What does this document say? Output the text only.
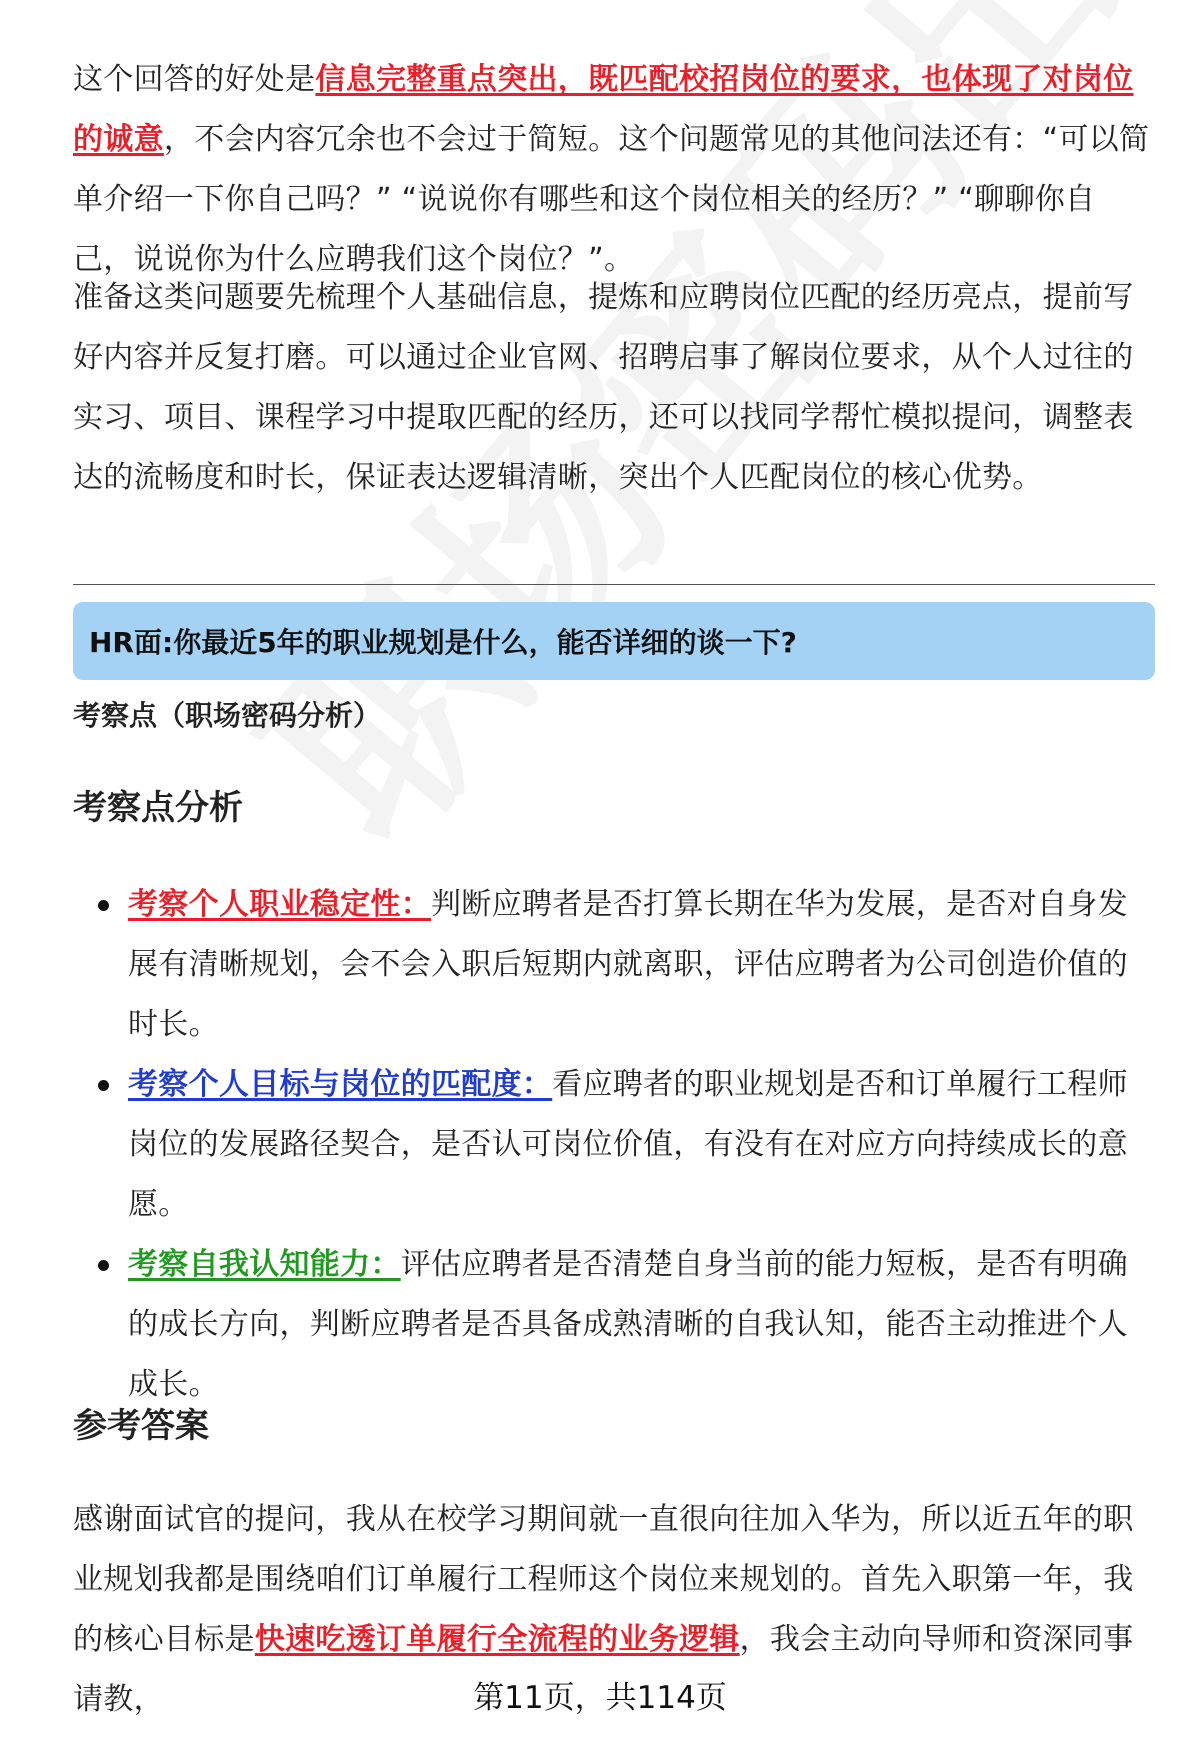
这个回答的好处是信息完整重点突出，既匹配校招岗位的要求，也体现了对岗位的诚意，不会内容冗余也不会过于简短。这个问题常见的其他问法还有：“可以简单介绍一下你自己吗？” “说说你有哪些和这个岗位相关的经历？” “聊聊你自己，说说你为什么应聘我们这个岗位？”。

准备这类问题要先梳理个人基础信息，提炼和应聘岗位匹配的经历亮点，提前写好内容并反复打磨。可以通过企业官网、招聘启事了解岗位要求，从个人过往的实习、项目、课程学习中提取匹配的经历，还可以找同学帮忙模拟提问，调整表达的流畅度和时长，保证表达逻辑清晰，突出个人匹配岗位的核心优势。

HR面:你最近5年的职业规划是什么，能否详细的谈一下?
考察点（职场密码分析）
考察点分析
考察个人职业稳定性：判断应聘者是否打算长期在华为发展，是否对自身发展有清晰规划，会不会入职后短期内就离职，评估应聘者为公司创造价值的时长。
考察个人目标与岗位的匹配度：看应聘者的职业规划是否和订单履行工程师岗位的发展路径契合，是否认可岗位价值，有没有在对应方向持续成长的意愿。
考察自我认知能力：评估应聘者是否清楚自身当前的能力短板，是否有明确的成长方向，判断应聘者是否具备成熟清晰的自我认知，能否主动推进个人成长。
参考答案

感谢面试官的提问，我从在校学习期间就一直很向往加入华为，所以近五年的职业规划我都是围绕咱们订单履行工程师这个岗位来规划的。首先入职第一年，我的核心目标是快速吃透订单履行全流程的业务逻辑，我会主动向导师和资深同事请教，	第11页，共114页
